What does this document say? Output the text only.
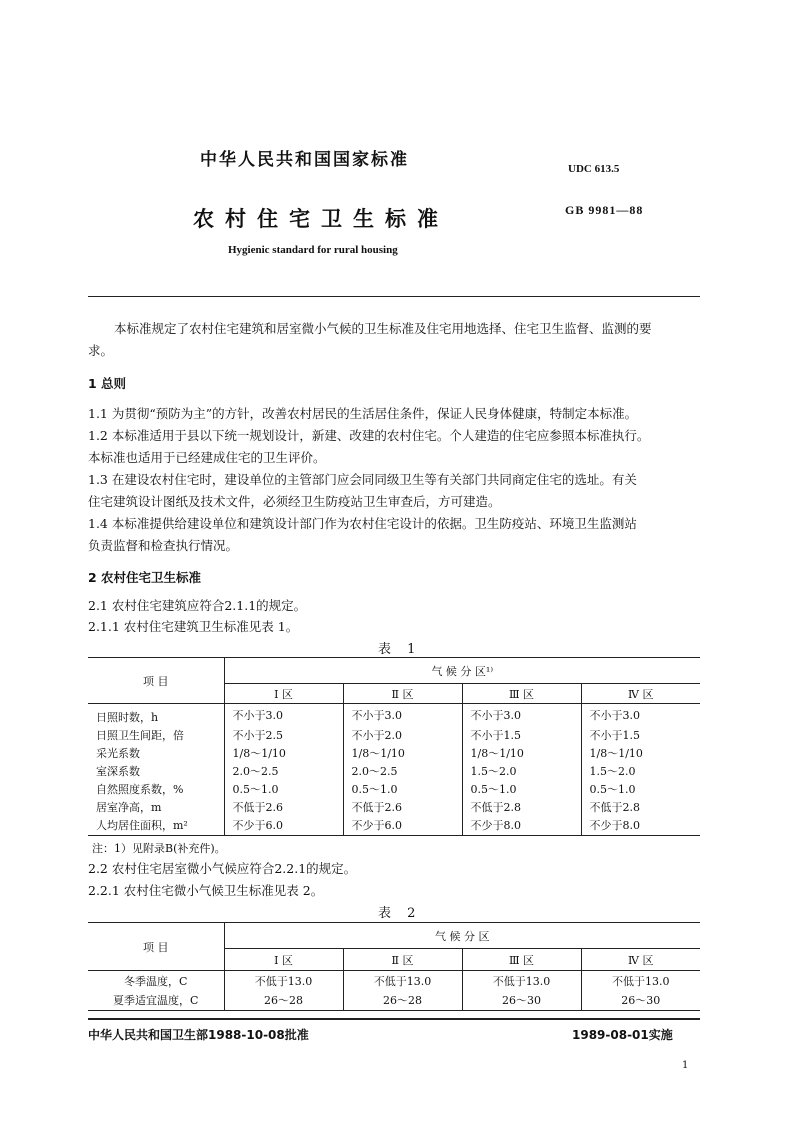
中华人民共和国国家标准	UDC 613.5
农村住宅卫生标准	GB 9981—88
Hygienic standard for rural housing
本标准规定了农村住宅建筑和居室微小气候的卫生标准及住宅用地选择、住宅卫生监督、监测的要
求。
1 总则
1.1 为贯彻“预防为主”的方针，改善农村居民的生活居住条件，保证人民身体健康，特制定本标准。
1.2 本标准适用于县以下统一规划设计，新建、改建的农村住宅。个人建造的住宅应参照本标准执行。
本标准也适用于已经建成住宅的卫生评价。
1.3 在建设农村住宅时，建设单位的主管部门应会同同级卫生等有关部门共同商定住宅的选址。有关
住宅建筑设计图纸及技术文件，必须经卫生防疫站卫生审查后，方可建造。
1.4 本标准提供给建设单位和建筑设计部门作为农村住宅设计的依据。卫生防疫站、环境卫生监测站
负责监督和检查执行情况。
2 农村住宅卫生标准
2.1 农村住宅建筑应符合2.1.1的规定。
2.1.1 农村住宅建筑卫生标准见表 1。
表 1
项 目	气 候 分 区¹⁾			
	Ⅰ 区	Ⅱ 区	Ⅲ 区	Ⅳ 区
日照时数，h	不小于3.0	不小于3.0	不小于3.0	不小于3.0
日照卫生间距，倍	不小于2.5	不小于2.0	不小于1.5	不小于1.5
采光系数	1/8～1/10	1/8～1/10	1/8～1/10	1/8～1/10
室深系数	2.0～2.5	2.0～2.5	1.5～2.0	1.5～2.0
自然照度系数，%	0.5～1.0	0.5～1.0	0.5～1.0	0.5～1.0
居室净高，m	不低于2.6	不低于2.6	不低于2.8	不低于2.8
人均居住面积，m²	不少于6.0	不少于6.0	不少于8.0	不少于8.0
注：1）见附录B(补充件)。
2.2 农村住宅居室微小气候应符合2.2.1的规定。
2.2.1 农村住宅微小气候卫生标准见表 2。
表 2
项 目	气 候 分 区			
	Ⅰ 区	Ⅱ 区	Ⅲ 区	Ⅳ 区
冬季温度，C	不低于13.0	不低于13.0	不低于13.0	不低于13.0
夏季适宜温度，C	26～28	26～28	26～30	26～30
中华人民共和国卫生部1988-10-08批准	1989-08-01实施
1
